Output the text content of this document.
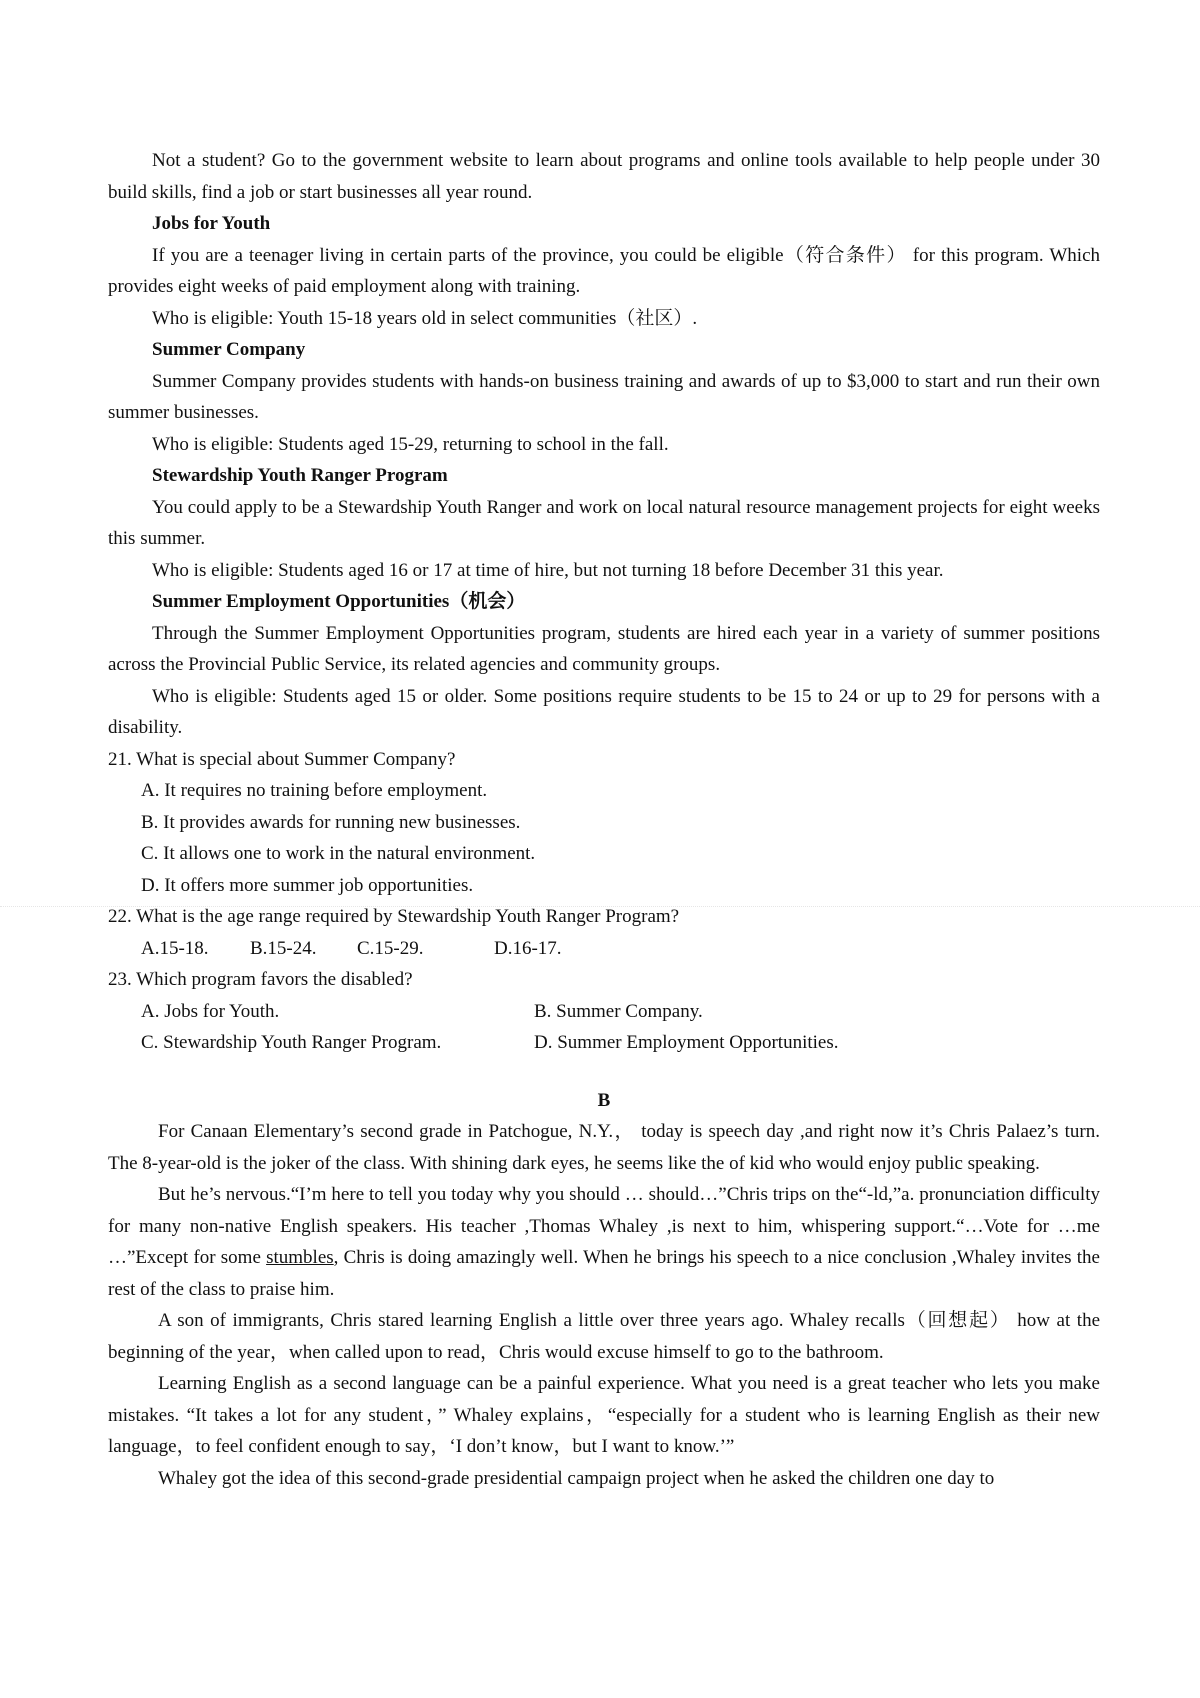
Not a student? Go to the government website to learn about programs and online tools available to help people under 30 build skills, find a job or start businesses all year round.

Jobs for Youth

If you are a teenager living in certain parts of the province, you could be eligible（符合条件） for this program. Which provides eight weeks of paid employment along with training.

Who is eligible: Youth 15-18 years old in select communities（社区）.

Summer Company

Summer Company provides students with hands-on business training and awards of up to $3,000 to start and run their own summer businesses.

Who is eligible: Students aged 15-29, returning to school in the fall.

Stewardship Youth Ranger Program

You could apply to be a Stewardship Youth Ranger and work on local natural resource management projects for eight weeks this summer.

Who is eligible: Students aged 16 or 17 at time of hire, but not turning 18 before December 31 this year.

Summer Employment Opportunities（机会）

Through the Summer Employment Opportunities program, students are hired each year in a variety of summer positions across the Provincial Public Service, its related agencies and community groups.

Who is eligible: Students aged 15 or older. Some positions require students to be 15 to 24 or up to 29 for persons with a disability.

21. What is special about Summer Company?

A. It requires no training before employment.

B. It provides awards for running new businesses.

C. It allows one to work in the natural environment.

D. It offers more summer job opportunities.

22. What is the age range required by Stewardship Youth Ranger Program?

A.15-18. B.15-24. C.15-29.	D.16-17.

23. Which program favors the disabled?

A. Jobs for Youth.	B. Summer Company.

C. Stewardship Youth Ranger Program.	D. Summer Employment Opportunities.

B

For Canaan Elementary’s second grade in Patchogue, N.Y.， today is speech day ,and right now it’s Chris Palaez’s turn. The 8-year-old is the joker of the class. With shining dark eyes, he seems like the of kid who would enjoy public speaking.

But he’s nervous.“I’m here to tell you today why you should … should…”Chris trips on the“-ld,”a. pronunciation difficulty for many non-native English speakers. His teacher ,Thomas Whaley ,is next to him, whispering support.“…Vote for …me …”Except for some stumbles, Chris is doing amazingly well. When he brings his speech to a nice conclusion ,Whaley invites the rest of the class to praise him.

A son of immigrants, Chris stared learning English a little over three years ago. Whaley recalls（回想起） how at the beginning of the year，when called upon to read，Chris would excuse himself to go to the bathroom.

Learning English as a second language can be a painful experience. What you need is a great teacher who lets you make mistakes. “It takes a lot for any student，” Whaley explains，“especially for a student who is learning English as their new language，to feel confident enough to say，‘I don’t know，but I want to know.’”

Whaley got the idea of this second-grade presidential campaign project when he asked the children one day to
